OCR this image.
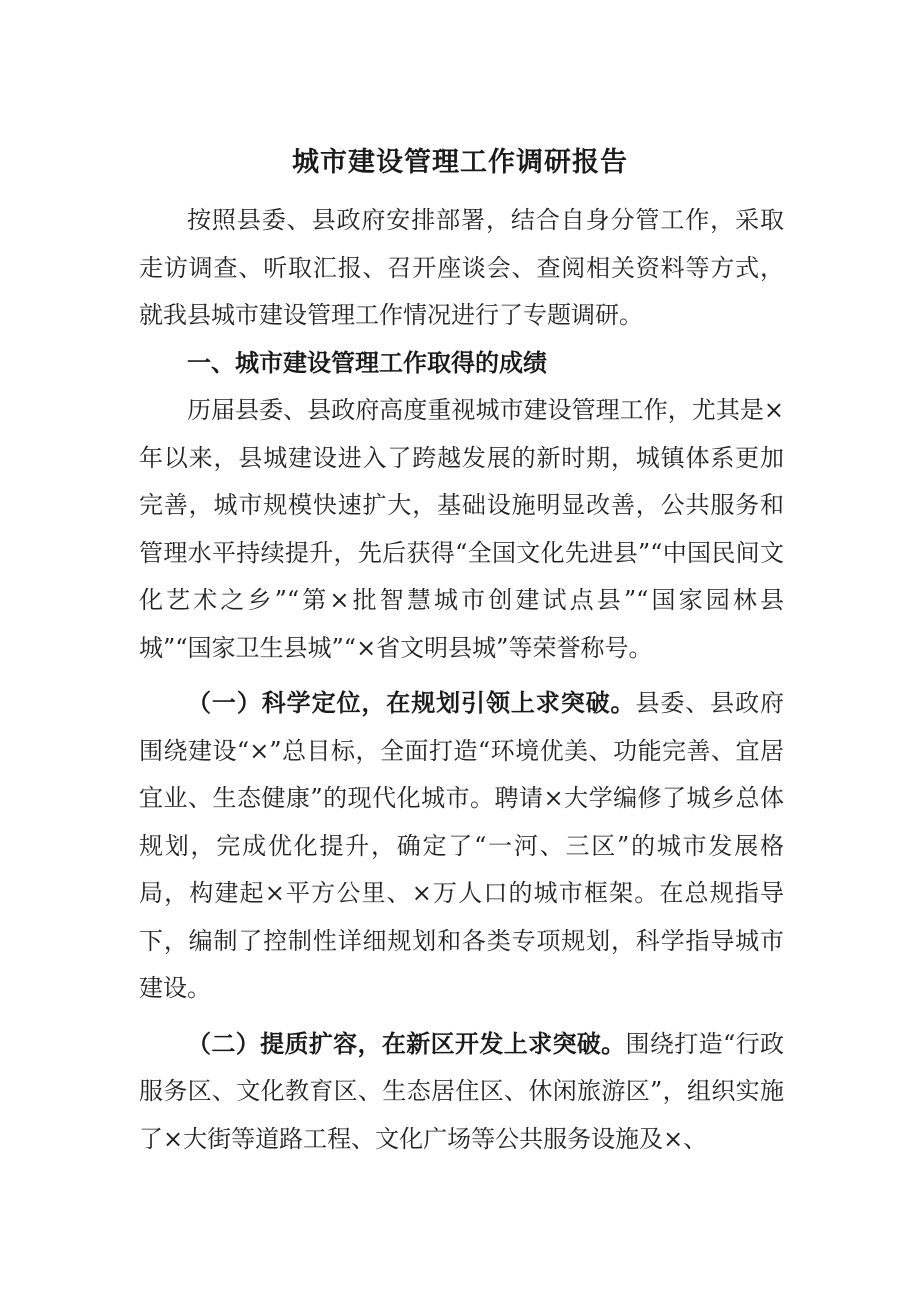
城市建设管理工作调研报告

按照县委、县政府安排部署，结合自身分管工作，采取走访调查、听取汇报、召开座谈会、查阅相关资料等方式，就我县城市建设管理工作情况进行了专题调研。

一、城市建设管理工作取得的成绩

历届县委、县政府高度重视城市建设管理工作，尤其是×年以来，县城建设进入了跨越发展的新时期，城镇体系更加完善，城市规模快速扩大，基础设施明显改善，公共服务和管理水平持续提升，先后获得“全国文化先进县”“中国民间文化艺术之乡”“第×批智慧城市创建试点县”“国家园林县城”“国家卫生县城”“×省文明县城”等荣誉称号。

（一）科学定位，在规划引领上求突破。县委、县政府围绕建设“×”总目标，全面打造“环境优美、功能完善、宜居宜业、生态健康”的现代化城市。聘请×大学编修了城乡总体规划，完成优化提升，确定了“一河、三区”的城市发展格局，构建起×平方公里、×万人口的城市框架。在总规指导下，编制了控制性详细规划和各类专项规划，科学指导城市建设。

（二）提质扩容，在新区开发上求突破。围绕打造“行政服务区、文化教育区、生态居住区、休闲旅游区”，组织实施了×大街等道路工程、文化广场等公共服务设施及×、
